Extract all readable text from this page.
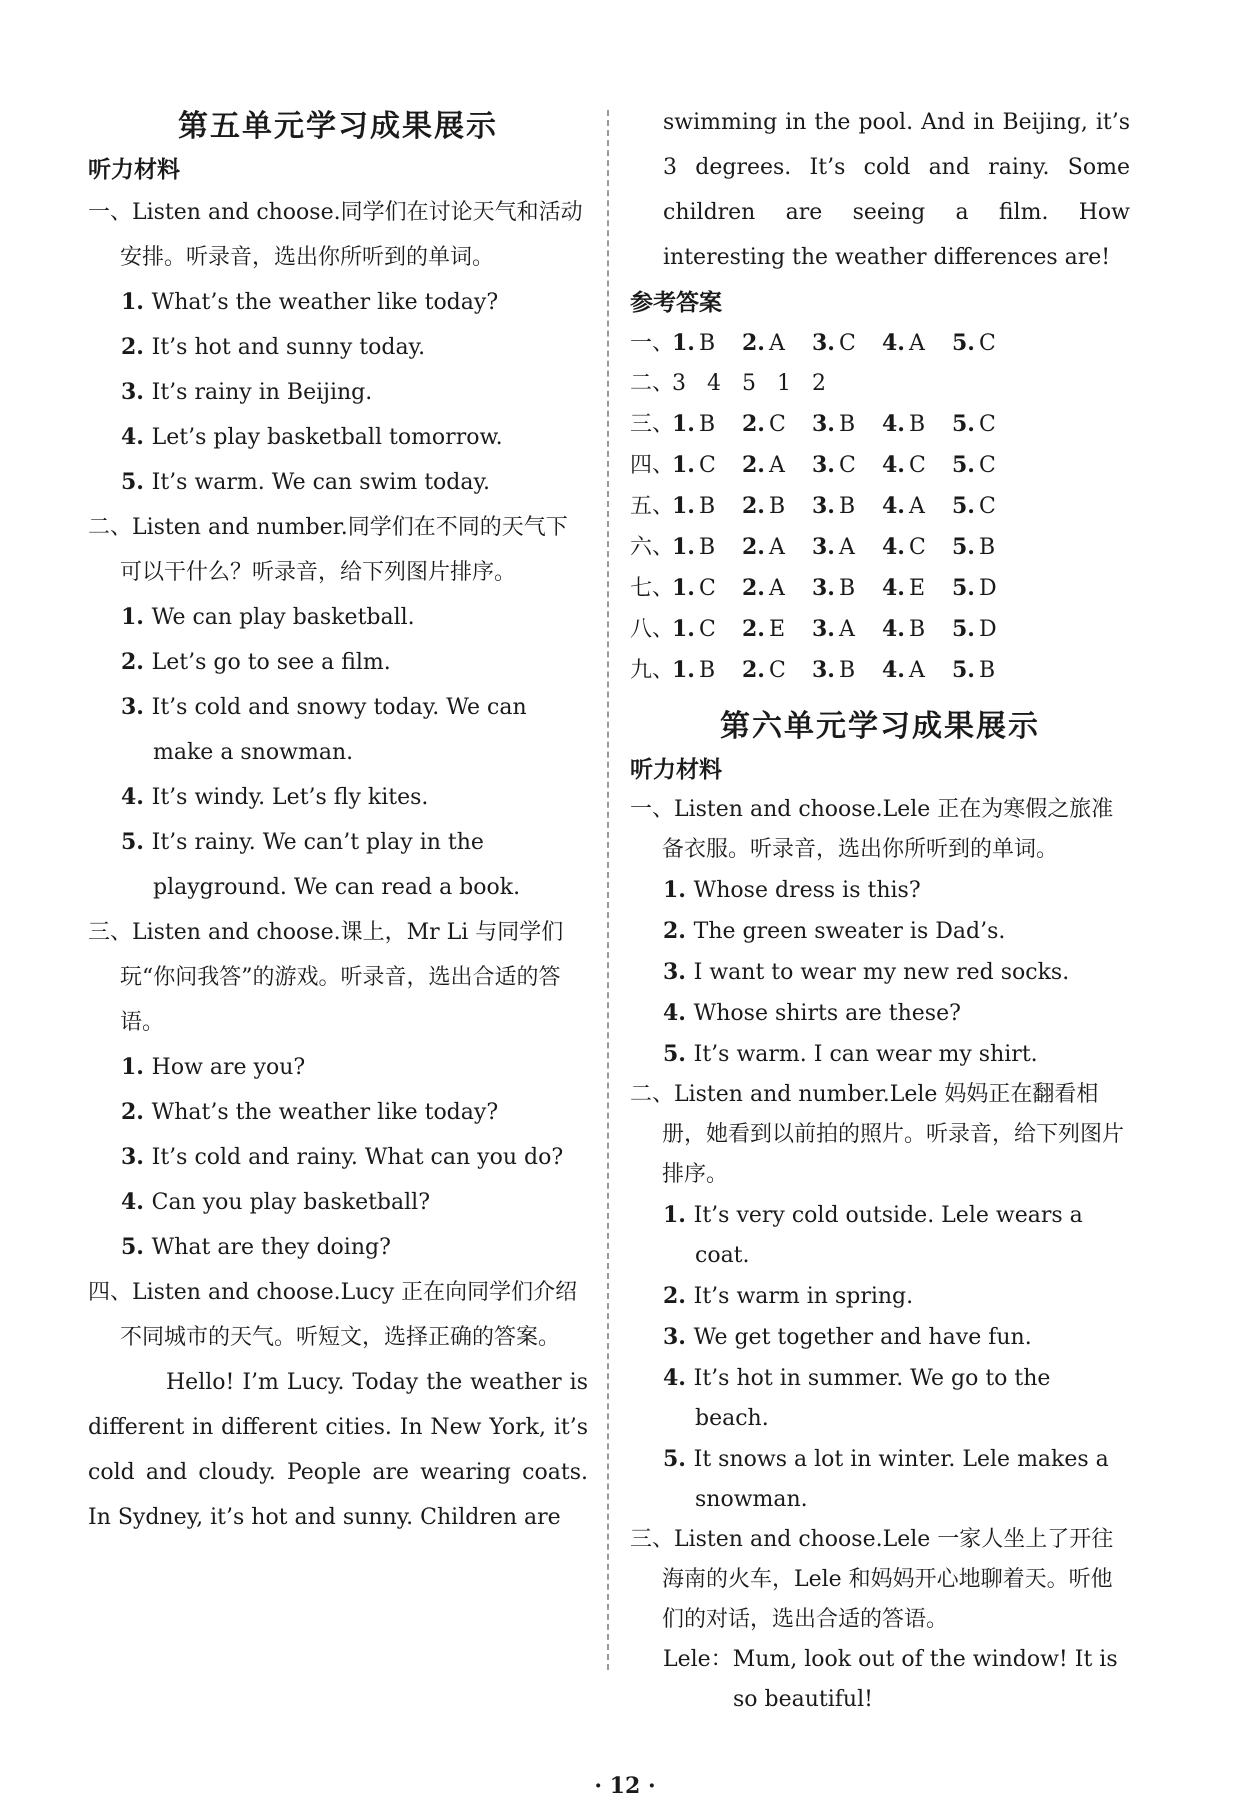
第五单元学习成果展示
听力材料
一、Listen and choose.同学们在讨论天气和活动安排。听录音，选出你所听到的单词。
1. What’s the weather like today?
2. It’s hot and sunny today.
3. It’s rainy in Beijing.
4. Let’s play basketball tomorrow.
5. It’s warm. We can swim today.
二、Listen and number.同学们在不同的天气下可以干什么？听录音，给下列图片排序。
1. We can play basketball.
2. Let’s go to see a film.
3. It’s cold and snowy today. We can make a snowman.
4. It’s windy. Let’s fly kites.
5. It’s rainy. We can’t play in the playground. We can read a book.
三、Listen and choose.课上，Mr Li 与同学们玩“你问我答”的游戏。听录音，选出合适的答语。
1. How are you?
2. What’s the weather like today?
3. It’s cold and rainy. What can you do?
4. Can you play basketball?
5. What are they doing?
四、Listen and choose.Lucy 正在向同学们介绍不同城市的天气。听短文，选择正确的答案。
Hello! I’m Lucy. Today the weather is different in different cities. In New York, it’s cold and cloudy. People are wearing coats. In Sydney, it’s hot and sunny. Children are
swimming in the pool. And in Beijing, it’s 3 degrees. It’s cold and rainy. Some children are seeing a film. How interesting the weather differences are!
参考答案
一、1. B 2. A 3. C 4. A 5. C
二、3 4 5 1 2
三、1. B 2. C 3. B 4. B 5. C
四、1. C 2. A 3. C 4. C 5. C
五、1. B 2. B 3. B 4. A 5. C
六、1. B 2. A 3. A 4. C 5. B
七、1. C 2. A 3. B 4. E 5. D
八、1. C 2. E 3. A 4. B 5. D
九、1. B 2. C 3. B 4. A 5. B
第六单元学习成果展示
听力材料
一、Listen and choose.Lele 正在为寒假之旅准备衣服。听录音，选出你所听到的单词。
1. Whose dress is this?
2. The green sweater is Dad’s.
3. I want to wear my new red socks.
4. Whose shirts are these?
5. It’s warm. I can wear my shirt.
二、Listen and number.Lele 妈妈正在翻看相册，她看到以前拍的照片。听录音，给下列图片排序。
1. It’s very cold outside. Lele wears a coat.
2. It’s warm in spring.
3. We get together and have fun.
4. It’s hot in summer. We go to the beach.
5. It snows a lot in winter. Lele makes a snowman.
三、Listen and choose.Lele 一家人坐上了开往海南的火车，Lele 和妈妈开心地聊着天。听他们的对话，选出合适的答语。
Lele：Mum, look out of the window! It is so beautiful!
· 12 ·
